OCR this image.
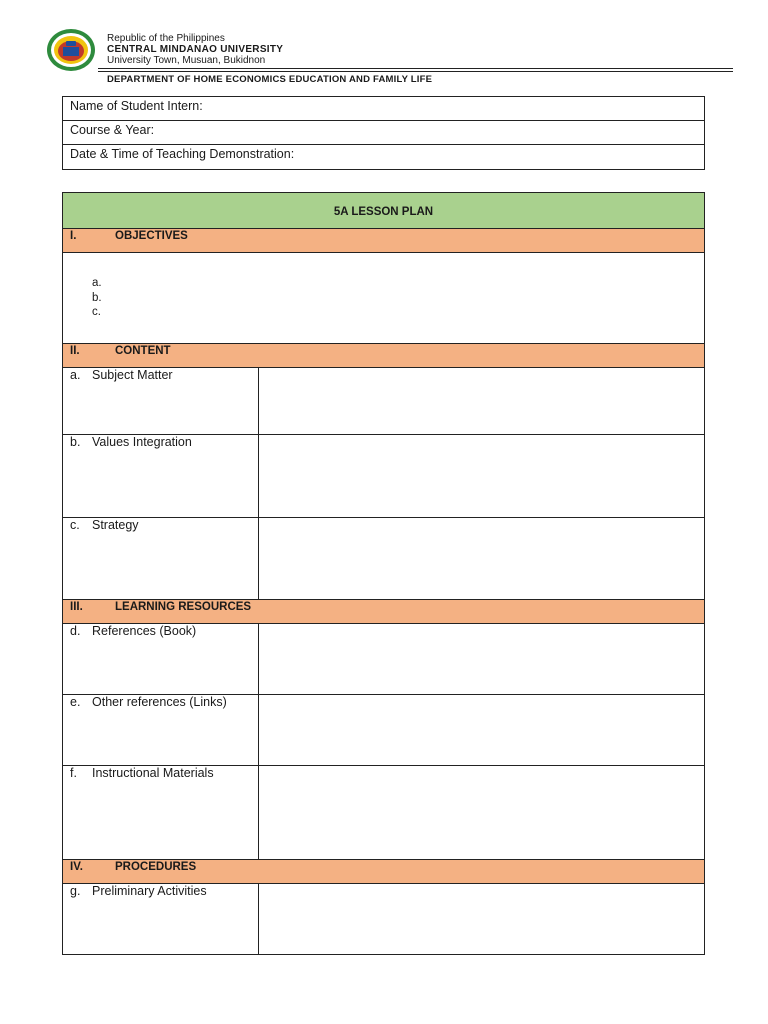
Republic of the Philippines
CENTRAL MINDANAO UNIVERSITY
University Town, Musuan, Bukidnon
DEPARTMENT OF HOME ECONOMICS EDUCATION AND FAMILY LIFE
Name of Student Intern:
Course & Year:
Date & Time of Teaching Demonstration:
5A LESSON PLAN
I.	OBJECTIVES
a.
b.
c.
II.	CONTENT
a. Subject Matter
b. Values Integration
c. Strategy
III.	LEARNING RESOURCES
d. References (Book)
e. Other references (Links)
f.	Instructional Materials
IV.	PROCEDURES
g. Preliminary Activities
